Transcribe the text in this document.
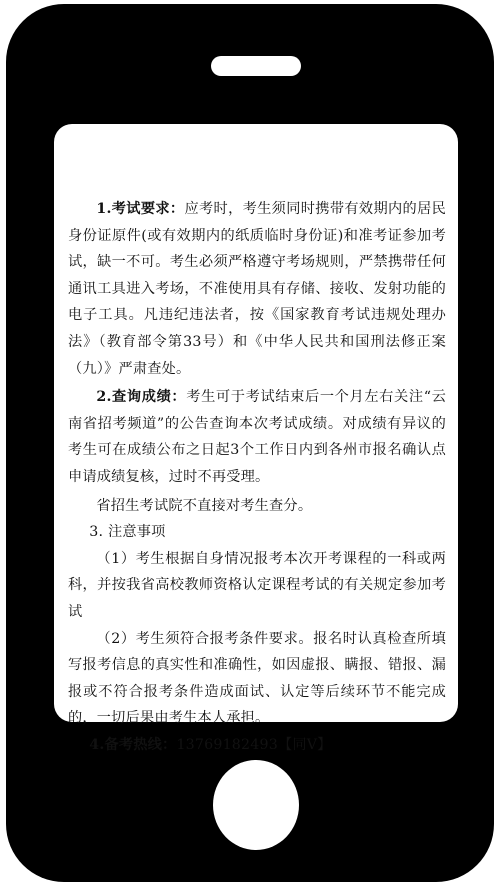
1.考试要求：应考时，考生须同时携带有效期内的居民身份证原件(或有效期内的纸质临时身份证)和准考证参加考试，缺一不可。考生必须严格遵守考场规则，严禁携带任何通讯工具进入考场，不准使用具有存储、接收、发射功能的电子工具。凡违纪违法者，按《国家教育考试违规处理办法》（教育部令第33号）和《中华人民共和国刑法修正案（九）》严肃查处。

2.查询成绩：考生可于考试结束后一个月左右关注“云南省招考频道”的公告查询本次考试成绩。对成绩有异议的考生可在成绩公布之日起3个工作日内到各州市报名确认点申请成绩复核，过时不再受理。

省招生考试院不直接对考生查分。

3. 注意事项

（1）考生根据自身情况报考本次开考课程的一科或两科，并按我省高校教师资格认定课程考试的有关规定参加考试

（2）考生须符合报考条件要求。报名时认真检查所填写报考信息的真实性和准确性，如因虚报、瞒报、错报、漏报或不符合报考条件造成面试、认定等后续环节不能完成的，一切后果由考生本人承担。

4.备考热线：13769182493【同V】
